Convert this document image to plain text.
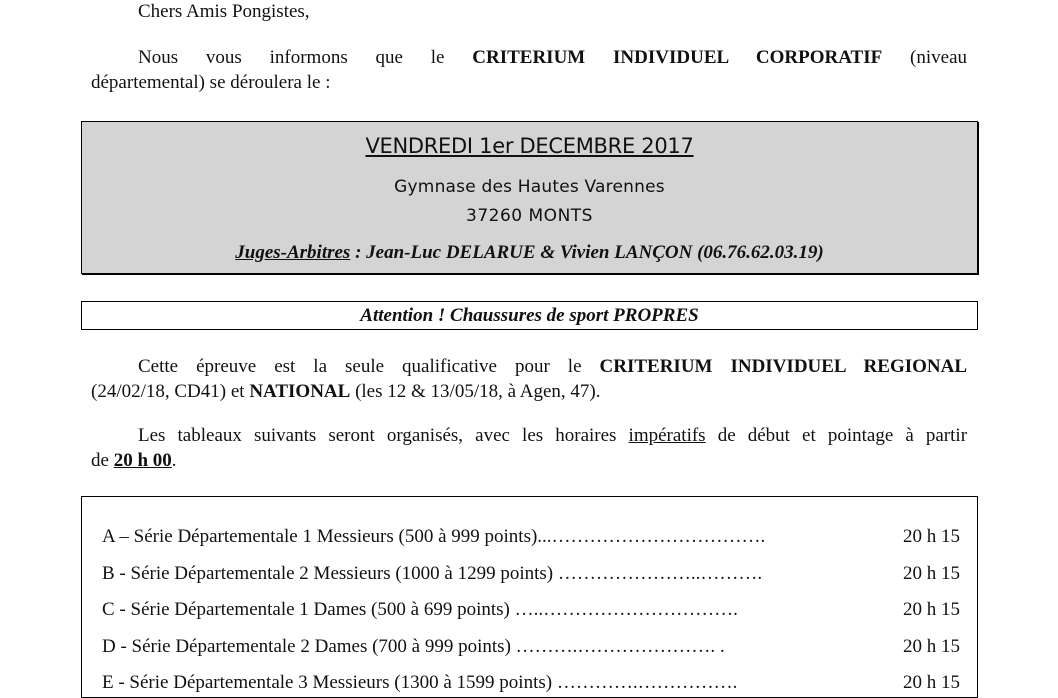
Chers Amis Pongistes,

Nous vous informons que le CRITERIUM INDIVIDUEL CORPORATIF (niveau

départemental) se déroulera le :

VENDREDI 1er DECEMBRE 2017
Gymnase des Hautes Varennes
37260 MONTS
Juges-Arbitres : Jean-Luc DELARUE & Vivien LANÇON (06.76.62.03.19)
Attention ! Chaussures de sport PROPRES

Cette épreuve est la seule qualificative pour le CRITERIUM INDIVIDUEL REGIONAL

(24/02/18, CD41) et NATIONAL (les 12 & 13/05/18, à Agen, 47).

Les tableaux suivants seront organisés, avec les horaires impératifs de début et pointage à partir

de 20 h 00.

A – Série Départementale 1 Messieurs (500 à 999 points)...…………………………….	20 h 15
B - Série Départementale 2 Messieurs (1000 à 1299 points) …………………..……….	20 h 15
C - Série Départementale 1 Dames (500 à 699 points) …..………………………….	20 h 15
D - Série Départementale 2 Dames (700 à 999 points) ……….…………………. .	20 h 15
E - Série Départementale 3 Messieurs (1300 à 1599 points) ………….…………….	20 h 15
